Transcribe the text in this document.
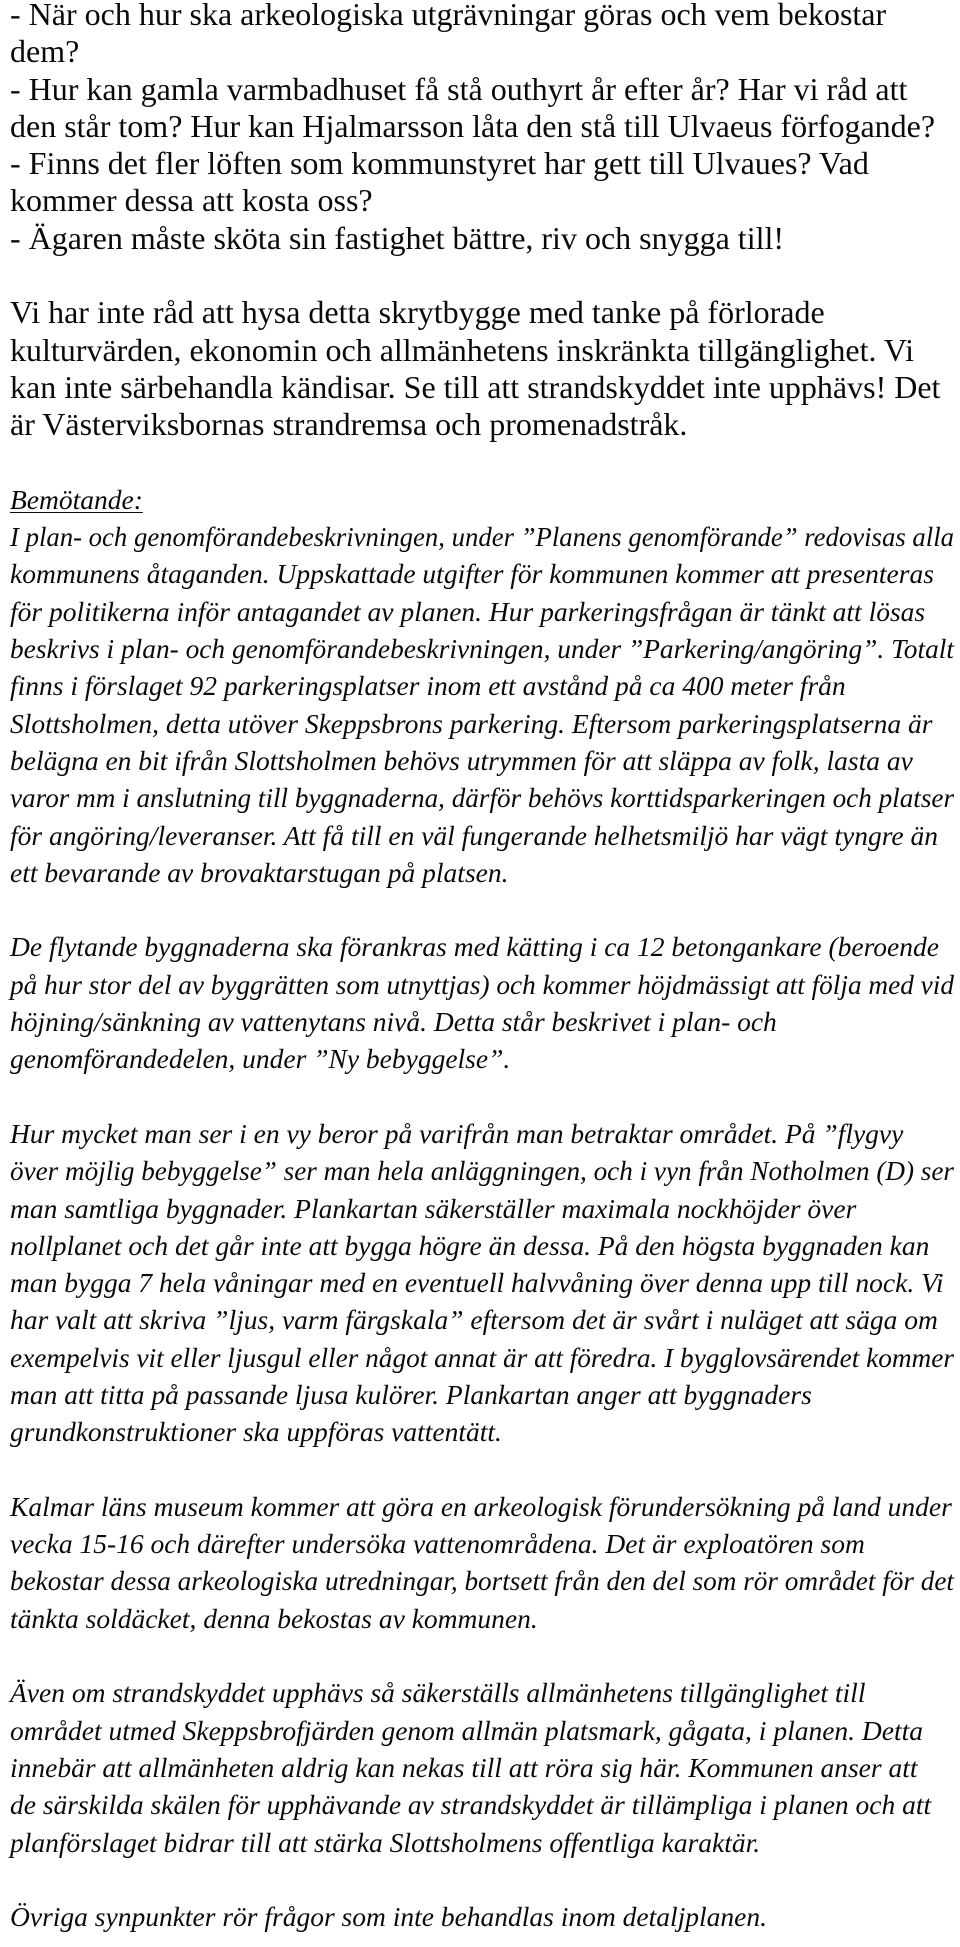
- När och hur ska arkeologiska utgrävningar göras och vem bekostar
dem?
- Hur kan gamla varmbadhuset få stå outhyrt år efter år? Har vi råd att
den står tom? Hur kan Hjalmarsson låta den stå till Ulvaeus förfogande?
- Finns det fler löften som kommunstyret har gett till Ulvaues? Vad
kommer dessa att kosta oss?
- Ägaren måste sköta sin fastighet bättre, riv och snygga till!
Vi har inte råd att hysa detta skrytbygge med tanke på förlorade
kulturvärden, ekonomin och allmänhetens inskränkta tillgänglighet. Vi
kan inte särbehandla kändisar. Se till att strandskyddet inte upphävs! Det
är Västerviksbornas strandremsa och promenadstråk.
Bemötande:
I plan- och genomförandebeskrivningen, under ”Planens genomförande” redovisas alla
kommunens åtaganden. Uppskattade utgifter för kommunen kommer att presenteras
för politikerna inför antagandet av planen. Hur parkeringsfrågan är tänkt att lösas
beskrivs i plan- och genomförandebeskrivningen, under ”Parkering/angöring”. Totalt
finns i förslaget 92 parkeringsplatser inom ett avstånd på ca 400 meter från
Slottsholmen, detta utöver Skeppsbrons parkering. Eftersom parkeringsplatserna är
belägna en bit ifrån Slottsholmen behövs utrymmen för att släppa av folk, lasta av
varor mm i anslutning till byggnaderna, därför behövs korttidsparkeringen och platser
för angöring/leveranser. Att få till en väl fungerande helhetsmiljö har vägt tyngre än
ett bevarande av brovaktarstugan på platsen.
De flytande byggnaderna ska förankras med kätting i ca 12 betongankare (beroende
på hur stor del av byggrätten som utnyttjas) och kommer höjdmässigt att följa med vid
höjning/sänkning av vattenytans nivå. Detta står beskrivet i plan- och
genomförandedelen, under ”Ny bebyggelse”.
Hur mycket man ser i en vy beror på varifrån man betraktar området. På ”flygvy
över möjlig bebyggelse” ser man hela anläggningen, och i vyn från Notholmen (D) ser
man samtliga byggnader. Plankartan säkerställer maximala nockhöjder över
nollplanet och det går inte att bygga högre än dessa. På den högsta byggnaden kan
man bygga 7 hela våningar med en eventuell halvvåning över denna upp till nock. Vi
har valt att skriva ”ljus, varm färgskala” eftersom det är svårt i nuläget att säga om
exempelvis vit eller ljusgul eller något annat är att föredra. I bygglovsärendet kommer
man att titta på passande ljusa kulörer. Plankartan anger att byggnaders
grundkonstruktioner ska uppföras vattentätt.
Kalmar läns museum kommer att göra en arkeologisk förundersökning på land under
vecka 15-16 och därefter undersöka vattenområdena. Det är exploatören som
bekostar dessa arkeologiska utredningar, bortsett från den del som rör området för det
tänkta soldäcket, denna bekostas av kommunen.
Även om strandskyddet upphävs så säkerställs allmänhetens tillgänglighet till
området utmed Skeppsbrofjärden genom allmän platsmark, gågata, i planen. Detta
innebär att allmänheten aldrig kan nekas till att röra sig här. Kommunen anser att
de särskilda skälen för upphävande av strandskyddet är tillämpliga i planen och att
planförslaget bidrar till att stärka Slottsholmens offentliga karaktär.
Övriga synpunkter rör frågor som inte behandlas inom detaljplanen.
